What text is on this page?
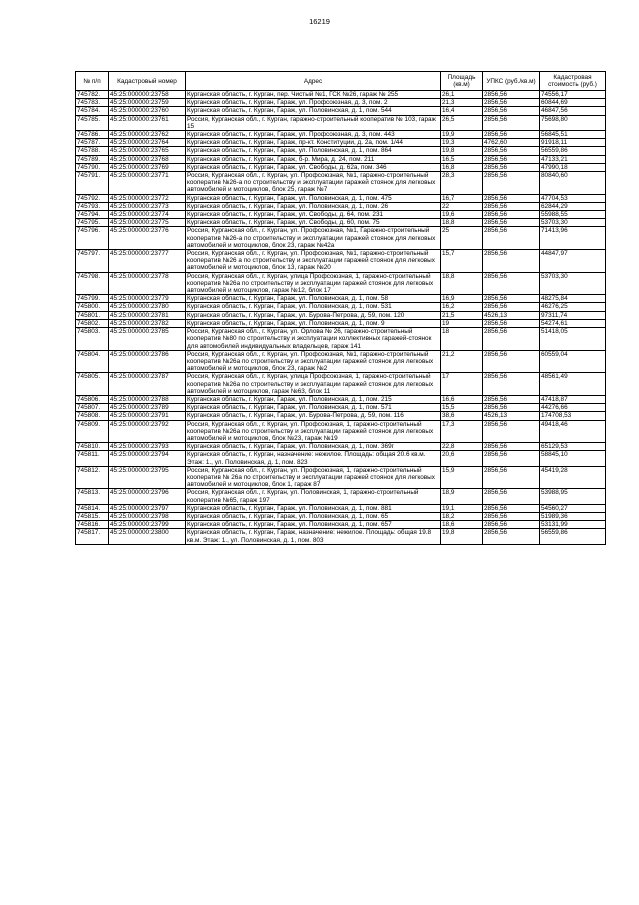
16219
№ п/п	Кадастровый номер	Адрес	Площадь (кв.м)	УПКС (руб./кв.м)	Кадастровая стоимость (руб.)
745782.	45:25:000000:23758	Курганская область, г. Курган, пер. Чистый №1, ГСК №26, гараж № 255	26,1	2856,56	74556,17
745783.	45:25:000000:23759	Курганская область, г. Курган, Гараж, ул. Профсоюзная, д. 3, пом. 2	21,3	2856,56	60844,69
745784.	45:25:000000:23760	Курганская область, г. Курган, Гараж, ул. Половинская, д. 1, пом. 544	16,4	2856,56	46847,56
745785.	45:25:000000:23761	Россия, Курганская обл., г. Курган, гаражно-строительный кооператив № 103, гараж 15	26,5	2856,56	75698,80
745786.	45:25:000000:23762	Курганская область, г. Курган, Гараж, ул. Профсоюзная, д. 3, пом. 443	19,9	2856,56	56845,51
745787.	45:25:000000:23764	Курганская область, г. Курган, Гараж, пр-кт. Конституции, д. 2а, пом. 1/44	19,3	4762,60	91918,11
745788.	45:25:000000:23765	Курганская область, г. Курган, Гараж, ул. Половинская, д. 1, пом. 864	19,8	2856,56	56559,86
745789.	45:25:000000:23768	Курганская область, г. Курган, Гараж, б-р. Мира, д. 24, пом. 211	16,5	2856,56	47133,21
745790.	45:25:000000:23769	Курганская область, г. Курган, Гараж, ул. Свободы, д. 62а, пом. 346	16,8	2856,56	47990,18
745791.	45:25:000000:23771	Россия, Курганская обл., г. Курган, ул. Профсоюзная, №1, гаражно-строительный кооператив №26-а по строительству и эксплуатации гаражей стоянок для легковых автомобилей и мотоциклов, блок 25, гараж №7	28,3	2856,56	80840,60
745792.	45:25:000000:23772	Курганская область, г. Курган, Гараж, ул. Половинская, д. 1, пом. 475	16,7	2856,56	47704,53
745793.	45:25:000000:23773	Курганская область, г. Курган, Гараж, ул. Половинская, д. 1, пом. 26	22	2856,56	62844,29
745794.	45:25:000000:23774	Курганская область, г. Курган, Гараж, ул. Свободы, д. 64, пом. 231	19,6	2856,56	55988,55
745795.	45:25:000000:23775	Курганская область, г. Курган, Гараж, ул. Свободы, д. 60, пом. 75	18,8	2856,56	53703,30
745796.	45:25:000000:23776	Россия, Курганская обл., г. Курган, ул. Профсоюзная, №1, Гаражно-строительный кооператив №26-а по строительству и эксплуатации гаражей стоянок для легковых автомобилей и мотоциклов, блок 23, гараж №42а	25	2856,56	71413,96
745797.	45:25:000000:23777	Россия, Курганская обл., г. Курган, ул. Профсоюзная, №1, гаражно-строительный кооператив №26 а по строительству и эксплуатации гаражей стоянок для легковых автомобилей и мотоциклов, блок 13, гараж №20	15,7	2856,56	44847,97
745798.	45:25:000000:23778	Россия, Курганская обл., г. Курган, улица Профсоюзная, 1, гаражно-строительный кооператив №26а по строительству и эксплуатации гаражей стоянок для легковых автомобилей и мотоциклов, гараж №12, блок 17	18,8	2856,56	53703,30
745799.	45:25:000000:23779	Курганская область, г. Курган, Гараж, ул. Половинская, д. 1, пом. 58	16,9	2856,56	48275,84
745800.	45:25:000000:23780	Курганская область, г. Курган, Гараж, ул. Половинская, д. 1, пом. 531	16,2	2856,56	46276,25
745801.	45:25:000000:23781	Курганская область, г. Курган, Гараж, ул. Бурова-Петрова, д. 59, пом. 120	21,5	4526,13	97311,74
745802.	45:25:000000:23782	Курганская область, г. Курган, Гараж, ул. Половинская, д. 1, пом. 9	19	2856,56	54274,61
745803.	45:25:000000:23785	Россия, Курганская обл., г. Курган, ул. Орлова № 26, гаражно-строительный кооператив №80 по строительству и эксплуатации коллективных гаражей-стоянок для автомобилей индивидуальных владельцев, гараж 141	18	2856,56	51418,05
745804.	45:25:000000:23786	Россия, Курганская обл., г. Курган, ул. Профсоюзная, №1, гаражно-строительный кооператив №26а по строительству и эксплуатации гаражей стоянок для легковых автомобилей и мотоциклов, блок 23, гараж №2	21,2	2856,56	60559,04
745805.	45:25:000000:23787	Россия, Курганская обл., г. Курган, улица Профсоюзная, 1, гаражно-строительный кооператив №26а по строительству и эксплуатации гаражей стоянок для легковых автомобилей и мотоциклов, гараж №63, блок 11	17	2856,56	48561,49
745806.	45:25:000000:23788	Курганская область, г. Курган, Гараж, ул. Половинская, д. 1, пом. 215	16,6	2856,56	47418,87
745807.	45:25:000000:23789	Курганская область, г. Курган, Гараж, ул. Половинская, д. 1, пом. 571	15,5	2856,56	44276,66
745808.	45:25:000000:23791	Курганская область, г. Курган, Гараж, ул. Бурова-Петрова, д. 59, пом. 116	38,6	4526,13	174708,53
745809.	45:25:000000:23792	Россия, Курганская обл., г. Курган, ул. Профсоюзная, 1, гаражно-строительный кооператив №26а по строительству и эксплуатации гаражей стоянок для легковых автомобилей и мотоциклов, блок №23, гараж №19	17,3	2856,56	49418,46
745810.	45:25:000000:23793	Курганская область, г. Курган, Гараж, ул. Половинская, д. 1, пом. 369г	22,8	2856,56	65129,53
745811.	45:25:000000:23794	Курганская область, г. Курган, назначение: нежилое. Площадь: общая 20.6 кв.м. Этаж: 1., ул. Половинская, д. 1, пом. 823	20,6	2856,56	58845,10
745812.	45:25:000000:23795	Россия, Курганская обл., г. Курган, ул. Профсоюзная, 1, гаражно-строительный кооператив № 26а по строительству и эксплуатации гаражей стоянок для легковых автомобилей и мотоциклов, блок 1, гараж 87	15,9	2856,56	45419,28
745813.	45:25:000000:23796	Россия, Курганская обл., г. Курган, ул. Половинская, 1, гаражно-строительный кооператив №65, гараж 197	18,9	2856,56	53988,95
745814.	45:25:000000:23797	Курганская область, г. Курган, Гараж, ул. Половинская, д. 1, пом. 881	19,1	2856,56	54560,27
745815.	45:25:000000:23798	Курганская область, г. Курган, Гараж, ул. Половинская, д. 1, пом. 65	18,2	2856,56	51989,36
745816.	45:25:000000:23799	Курганская область, г. Курган, Гараж, ул. Половинская, д. 1, пом. 657	18,6	2856,56	53131,99
745817.	45:25:000000:23800	Курганская область, г. Курган, Гараж, назначение: нежилое. Площадь: общая 19.8 кв.м. Этаж: 1., ул. Половинская, д. 1, пом. 803	19,8	2856,56	56559,86
